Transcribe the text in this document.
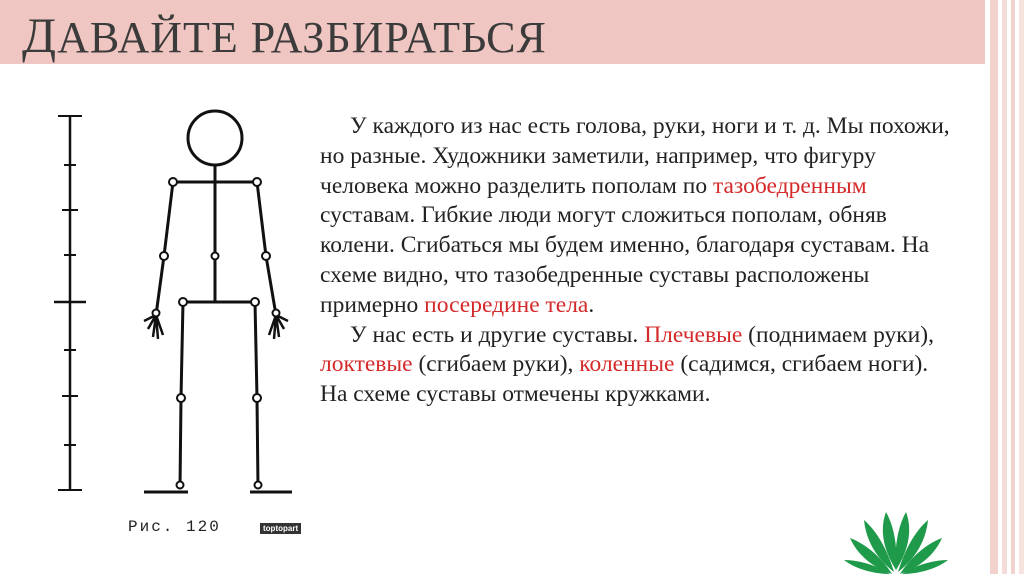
ДАВАЙТЕ РАЗБИРАТЬСЯ
Рис. 120	toptopart

У каждого из нас есть голова, руки, ноги и т. д. Мы похожи, но разные. Художники заметили, например, что фигуру человека можно разделить пополам по тазобедренным суставам. Гибкие люди могут сложиться пополам, обняв колени. Сгибаться мы будем именно, благодаря суставам. На схеме видно, что тазобедренные суставы расположены примерно посередине тела.

У нас есть и другие суставы. Плечевые (поднимаем руки), локтевые (сгибаем руки), коленные (садимся, сгибаем ноги). На схеме суставы отмечены кружками.
